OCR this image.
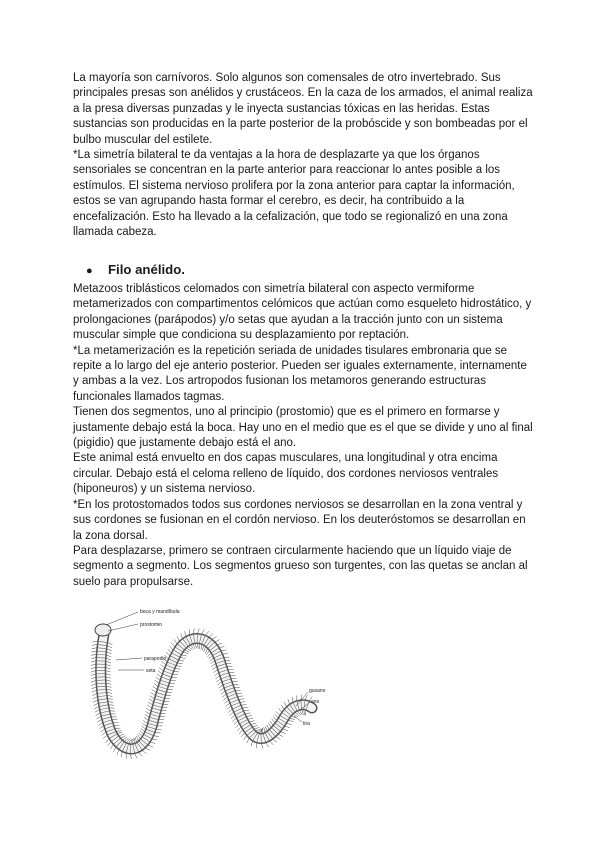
La mayoría son carnívoros. Solo algunos son comensales de otro invertebrado. Sus principales presas son anélidos y crustáceos. En la caza de los armados, el animal realiza a la presa diversas punzadas y le inyecta sustancias tóxicas en las heridas. Estas sustancias son producidas en la parte posterior de la probóscide y son bombeadas por el bulbo muscular del estilete.

*La simetría bilateral te da ventajas a la hora de desplazarte ya que los órganos sensoriales se concentran en la parte anterior para reaccionar lo antes posible a los estímulos. El sistema nervioso prolifera por la zona anterior para captar la información, estos se van agrupando hasta formar el cerebro, es decir, ha contribuido a la encefalización. Esto ha llevado a la cefalización, que todo se regionalizó en una zona llamada cabeza.

● Filo anélido.

Metazoos triblásticos celomados con simetría bilateral con aspecto vermiforme metamerizados con compartimentos celómicos que actúan como esqueleto hidrostático, y prolongaciones (parápodos) y/o setas que ayudan a la tracción junto con un sistema muscular simple que condiciona su desplazamiento por reptación.

*La metamerización es la repetición seriada de unidades tisulares embronaria que se repite a lo largo del eje anterio posterior. Pueden ser iguales externamente, internamente y ambas a la vez. Los artropodos fusionan los metamoros generando estructuras funcionales llamados tagmas.

Tienen dos segmentos, uno al principio (prostomio) que es el primero en formarse y justamente debajo está la boca. Hay uno en el medio que es el que se divide y uno al final (pigidio) que justamente debajo está el ano.

Este animal está envuelto en dos capas musculares, una longitudinal y otra encima circular. Debajo está el celoma relleno de líquido, dos cordones nerviosos ventrales (hiponeuros) y un sistema nervioso.

*En los protostomados todos sus cordones nerviosos se desarrollan en la zona ventral y sus cordones se fusionan en el cordón nervioso. En los deuteróstomos se desarrollan en la zona dorsal.

Para desplazarse, primero se contraen circularmente haciendo que un líquido viaje de segmento a segmento. Los segmentos grueso son turgentes, con las quetas se anclan al suelo para propulsarse.

boca y mandíbula
prostomio
parapodio
seta
gusano
ano
tira
